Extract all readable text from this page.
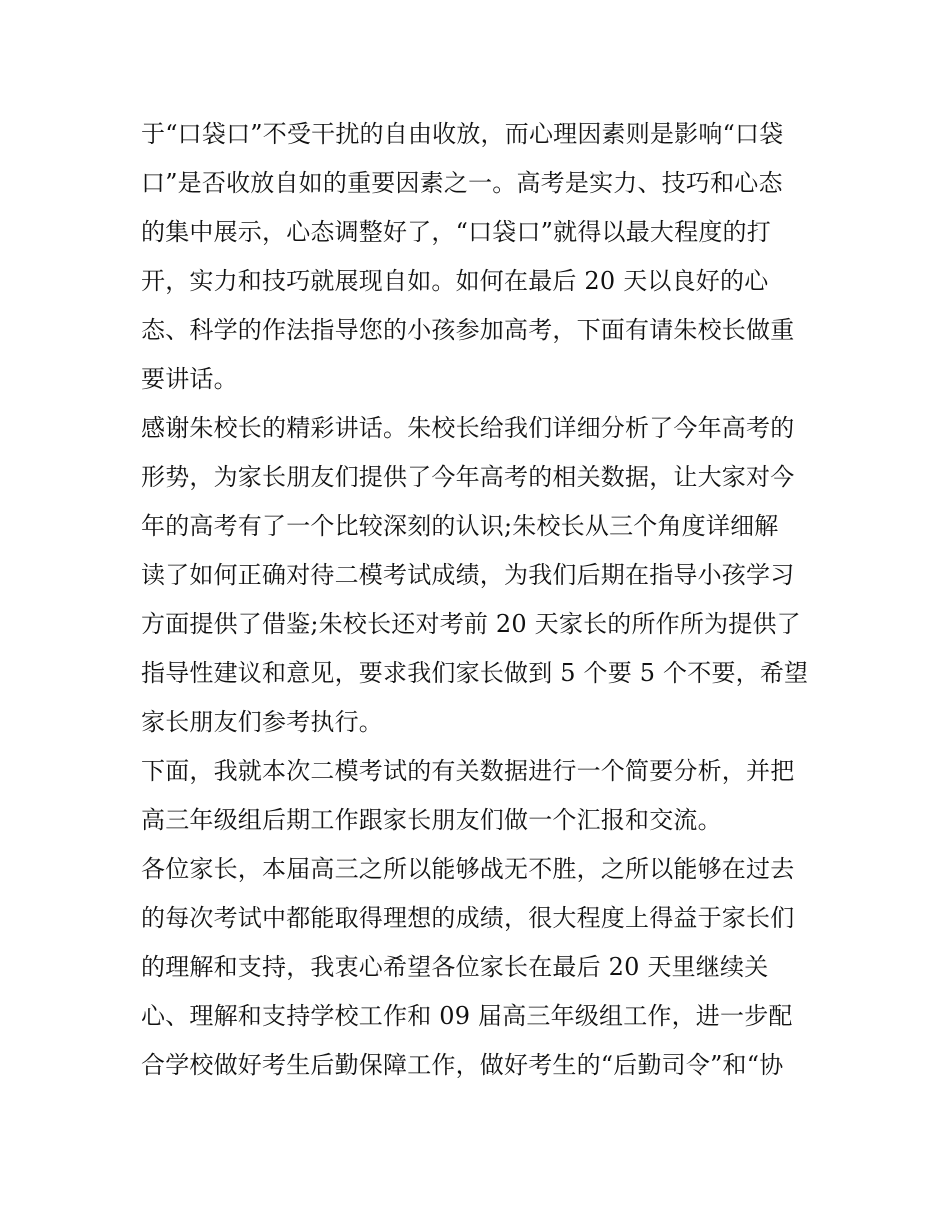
于“口袋口”不受干扰的自由收放，而心理因素则是影响“口袋
口”是否收放自如的重要因素之一。高考是实力、技巧和心态
的集中展示，心态调整好了，“口袋口”就得以最大程度的打
开，实力和技巧就展现自如。如何在最后 20 天以良好的心
态、科学的作法指导您的小孩参加高考，下面有请朱校长做重
要讲话。
感谢朱校长的精彩讲话。朱校长给我们详细分析了今年高考的
形势，为家长朋友们提供了今年高考的相关数据，让大家对今
年的高考有了一个比较深刻的认识;朱校长从三个角度详细解
读了如何正确对待二模考试成绩，为我们后期在指导小孩学习
方面提供了借鉴;朱校长还对考前 20 天家长的所作所为提供了
指导性建议和意见，要求我们家长做到 5 个要 5 个不要，希望
家长朋友们参考执行。
下面，我就本次二模考试的有关数据进行一个简要分析，并把
高三年级组后期工作跟家长朋友们做一个汇报和交流。
各位家长，本届高三之所以能够战无不胜，之所以能够在过去
的每次考试中都能取得理想的成绩，很大程度上得益于家长们
的理解和支持，我衷心希望各位家长在最后 20 天里继续关
心、理解和支持学校工作和 09 届高三年级组工作，进一步配
合学校做好考生后勤保障工作，做好考生的“后勤司令”和“协
